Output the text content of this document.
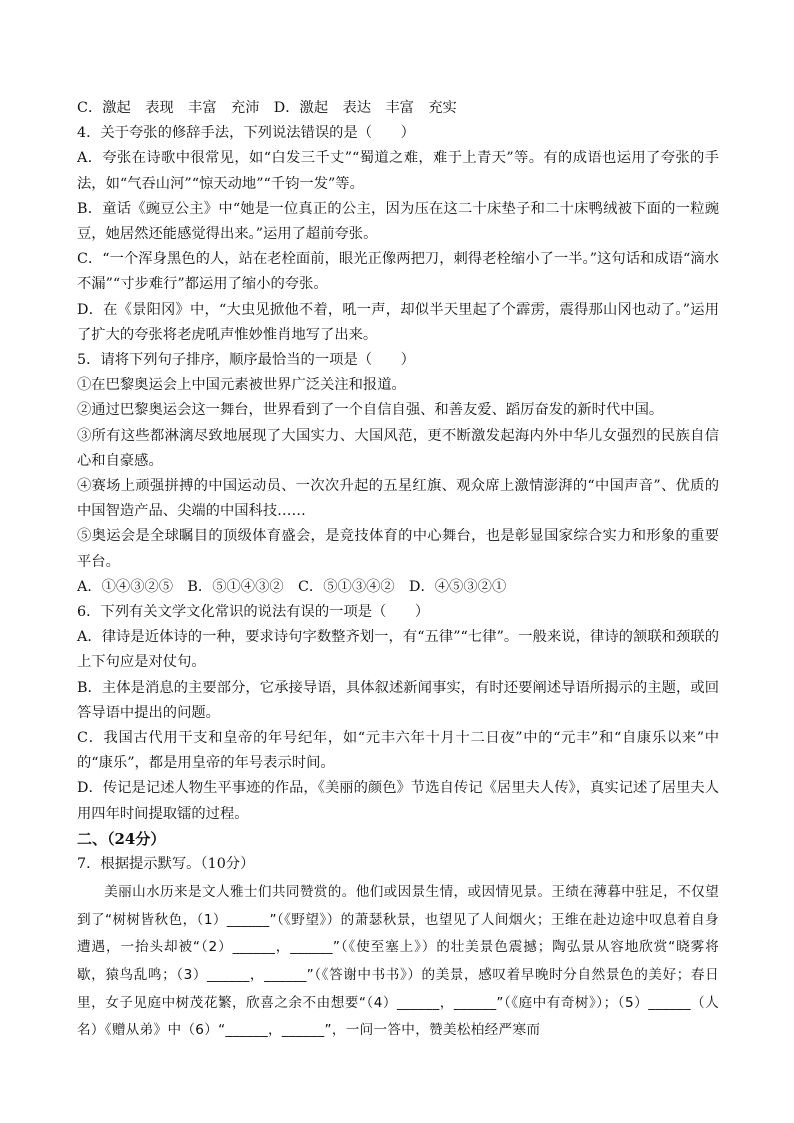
C．激起　表现　丰富　充沛　D．激起　表达　丰富　充实
4．关于夸张的修辞手法，下列说法错误的是（　　）
A．夸张在诗歌中很常见，如“白发三千丈”“蜀道之难，难于上青天”等。有的成语也运用了夸张的手法，如“气吞山河”“惊天动地”“千钧一发”等。
B．童话《豌豆公主》中“她是一位真正的公主，因为压在这二十床垫子和二十床鸭绒被下面的一粒豌豆，她居然还能感觉得出来。”运用了超前夸张。
C．“一个浑身黑色的人，站在老栓面前，眼光正像两把刀，刺得老栓缩小了一半。”这句话和成语“滴水不漏”“寸步难行”都运用了缩小的夸张。
D．在《景阳冈》中，“大虫见掀他不着，吼一声，却似半天里起了个霹雳，震得那山冈也动了。”运用了扩大的夸张将老虎吼声惟妙惟肖地写了出来。
5．请将下列句子排序，顺序最恰当的一项是（　　）
①在巴黎奥运会上中国元素被世界广泛关注和报道。
②通过巴黎奥运会这一舞台，世界看到了一个自信自强、和善友爱、蹈厉奋发的新时代中国。
③所有这些都淋漓尽致地展现了大国实力、大国风范，更不断激发起海内外中华儿女强烈的民族自信心和自豪感。
④赛场上顽强拼搏的中国运动员、一次次升起的五星红旗、观众席上激情澎湃的“中国声音”、优质的中国智造产品、尖端的中国科技……
⑤奥运会是全球瞩目的顶级体育盛会，是竞技体育的中心舞台，也是彰显国家综合实力和形象的重要平台。
A．①④③②⑤　B．⑤①④③②　C．⑤①③④②　D．④⑤③②①
6．下列有关文学文化常识的说法有误的一项是（　　）
A．律诗是近体诗的一种，要求诗句字数整齐划一，有“五律”“七律”。一般来说，律诗的颔联和颈联的上下句应是对仗句。
B．主体是消息的主要部分，它承接导语，具体叙述新闻事实，有时还要阐述导语所揭示的主题，或回答导语中提出的问题。
C．我国古代用干支和皇帝的年号纪年，如“元丰六年十月十二日夜”中的“元丰”和“自康乐以来”中的“康乐”，都是用皇帝的年号表示时间。
D．传记是记述人物生平事迹的作品，《美丽的颜色》节选自传记《居里夫人传》，真实记述了居里夫人用四年时间提取镭的过程。
二、（24分）
7．根据提示默写。（10分）
美丽山水历来是文人雅士们共同赞赏的。他们或因景生情，或因情见景。王绩在薄暮中驻足，不仅望到了“树树皆秋色，（1）______”（《野望》）的萧瑟秋景，也望见了人间烟火；王维在赴边途中叹息着自身遭遇，一抬头却被“（2）______，______”（《使至塞上》）的壮美景色震撼；陶弘景从容地欣赏“晓雾将歇，猿鸟乱鸣；（3）______，______”（《答谢中书书》）的美景，感叹着早晚时分自然景色的美好；春日里，女子见庭中树茂花繁，欣喜之余不由想要“（4）______，______”（《庭中有奇树》）；（5）______（人名）《赠从弟》中（6）“______，______”，一问一答中，赞美松柏经严寒而
